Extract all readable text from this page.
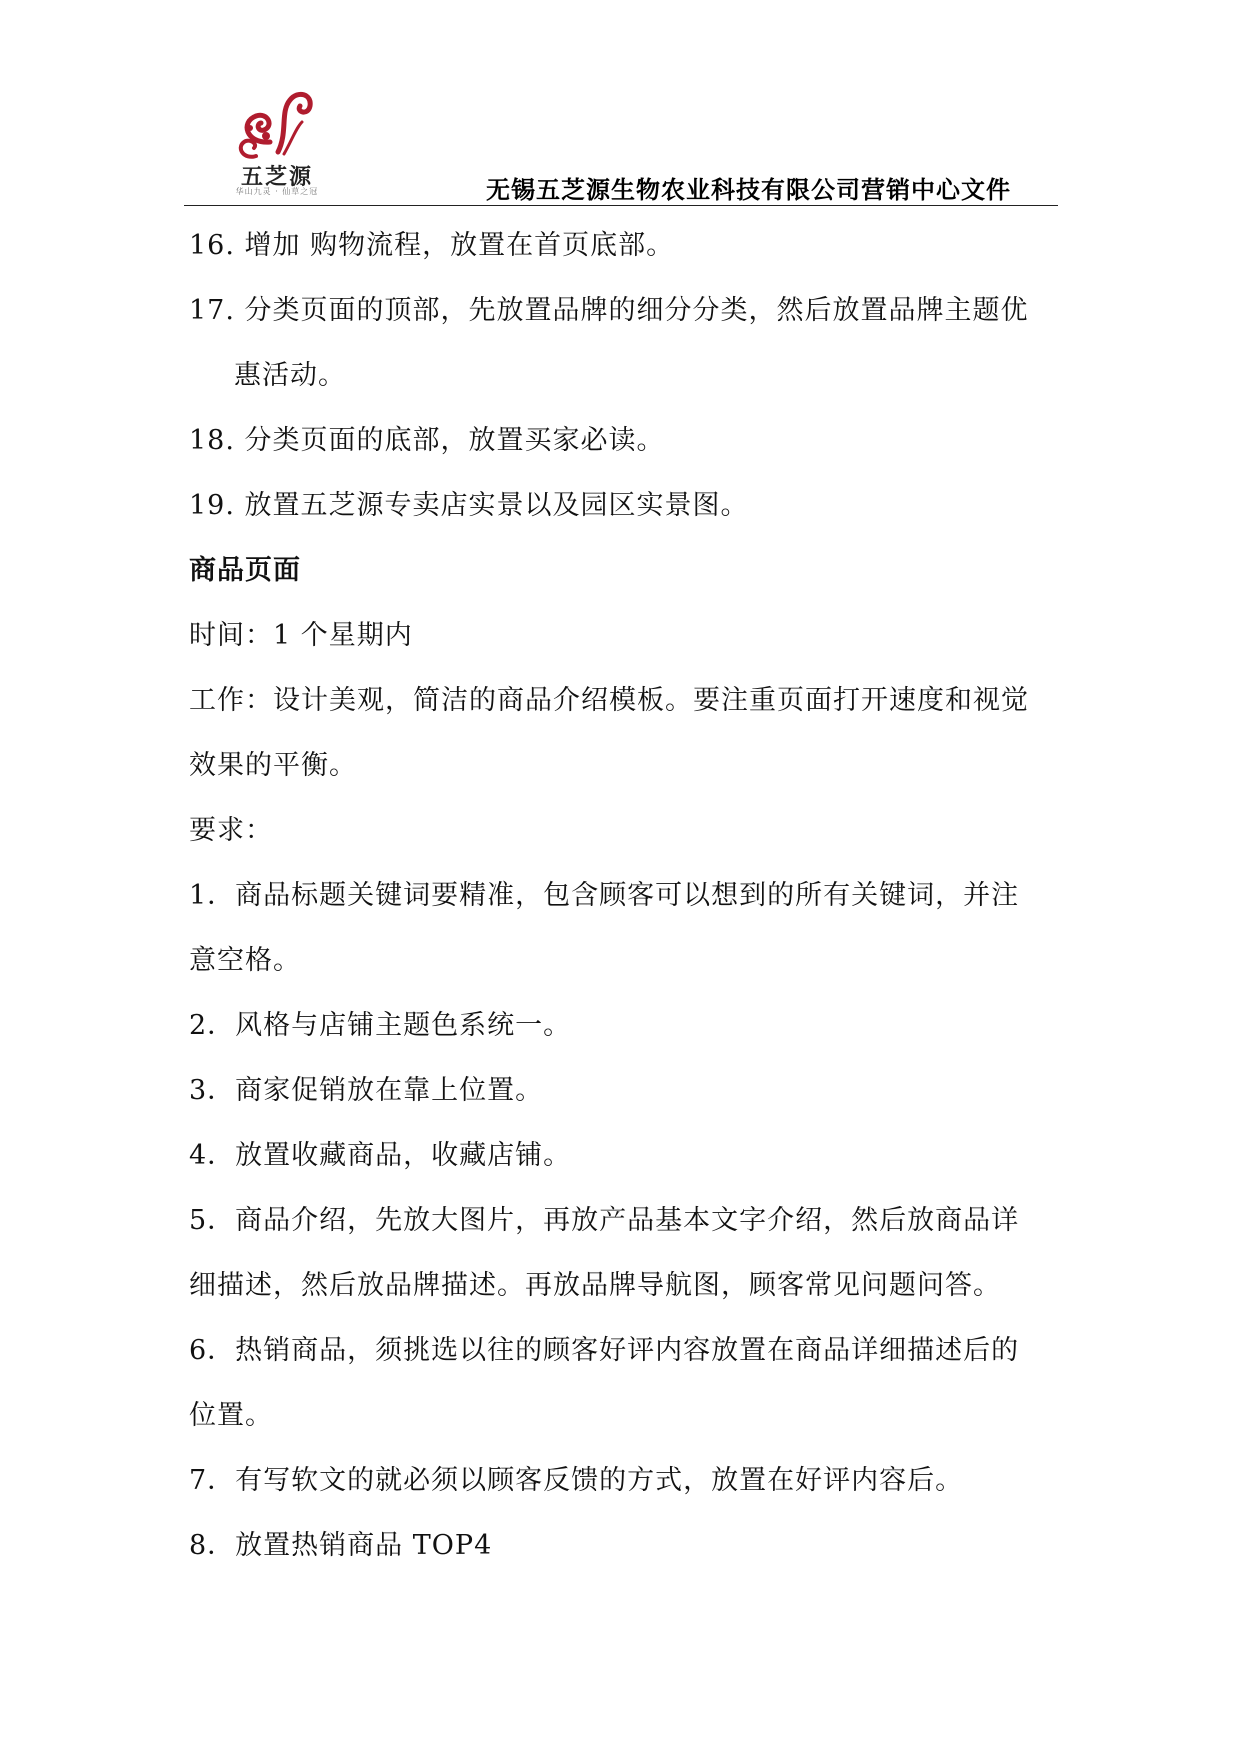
五芝源
华山九灵 · 仙草之冠	无锡五芝源生物农业科技有限公司营销中心文件
16. 增加 购物流程，放置在首页底部。
17. 分类页面的顶部，先放置品牌的细分分类，然后放置品牌主题优
惠活动。
18. 分类页面的底部，放置买家必读。
19. 放置五芝源专卖店实景以及园区实景图。
商品页面
时间：1 个星期内
工作：设计美观，简洁的商品介绍模板。要注重页面打开速度和视觉
效果的平衡。
要求：
1．商品标题关键词要精准，包含顾客可以想到的所有关键词，并注
意空格。
2．风格与店铺主题色系统一。
3．商家促销放在靠上位置。
4．放置收藏商品，收藏店铺。
5．商品介绍，先放大图片，再放产品基本文字介绍，然后放商品详
细描述，然后放品牌描述。再放品牌导航图，顾客常见问题问答。
6．热销商品，须挑选以往的顾客好评内容放置在商品详细描述后的
位置。
7．有写软文的就必须以顾客反馈的方式，放置在好评内容后。
8．放置热销商品 TOP4
